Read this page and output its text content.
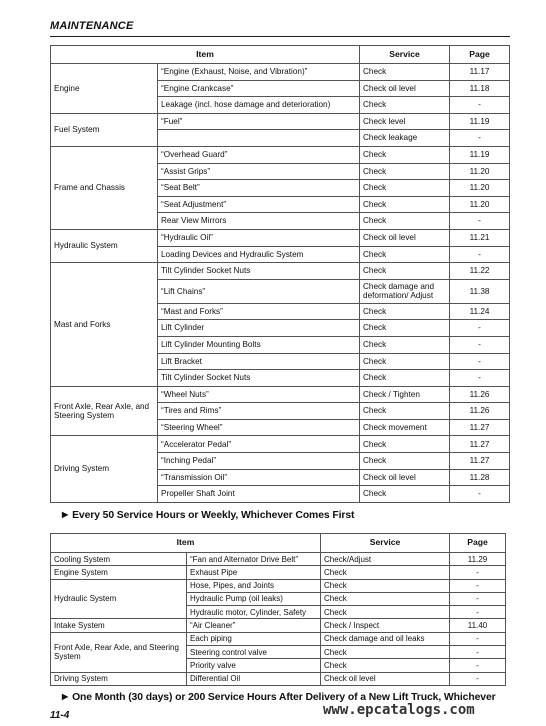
MAINTENANCE
Item		Service	Page
Engine	“Engine (Exhaust, Noise, and Vibration)”	Check	11.17
	“Engine Crankcase”	Check oil level	11.18
	Leakage (incl. hose damage and deterioration)	Check	-
Fuel System	“Fuel”	Check level	11.19
		Check leakage	-
Frame and Chassis	“Overhead Guard”	Check	11.19
	“Assist Grips”	Check	11.20
	“Seat Belt”	Check	11.20
	“Seat Adjustment”	Check	11.20
	Rear View Mirrors	Check	-
Hydraulic System	“Hydraulic Oil”	Check oil level	11.21
	Loading Devices and Hydraulic System	Check	-
Mast and Forks	Tilt Cylinder Socket Nuts	Check	11.22
	“Lift Chains”	Check damage and deformation/ Adjust	11.38
	“Mast and Forks”	Check	11.24
	Lift Cylinder	Check	-
	Lift Cylinder Mounting Bolts	Check	-
	Lift Bracket	Check	-
	Tilt Cylinder Socket Nuts	Check	-
Front Axle, Rear Axle, and Steering System	“Wheel Nuts”	Check / Tighten	11.26
	“Tires and Rims”	Check	11.26
	“Steering Wheel”	Check movement	11.27
Driving System	“Accelerator Pedal”	Check	11.27
	“Inching Pedal”	Check	11.27
	“Transmission Oil”	Check oil level	11.28
	Propeller Shaft Joint	Check	-
▶ Every 50 Service Hours or Weekly, Whichever Comes First
Item		Service	Page
Cooling System	“Fan and Alternator Drive Belt”	Check/Adjust	11.29
Engine System	Exhaust Pipe	Check	-
Hydraulic System	Hose, Pipes, and Joints	Check	-
	Hydraulic Pump (oil leaks)	Check	-
	Hydraulic motor, Cylinder, Safety	Check	-
Intake System	“Air Cleaner”	Check / Inspect	11.40
Front Axle, Rear Axle, and Steering System	Each piping	Check damage and oil leaks	-
	Steering control valve	Check	-
	Priority valve	Check	-
Driving System	Differential Oil	Check oil level	-
▶ One Month (30 days) or 200 Service Hours After Delivery of a New Lift Truck, Whichever
11-4	www.epcatalogs.com
